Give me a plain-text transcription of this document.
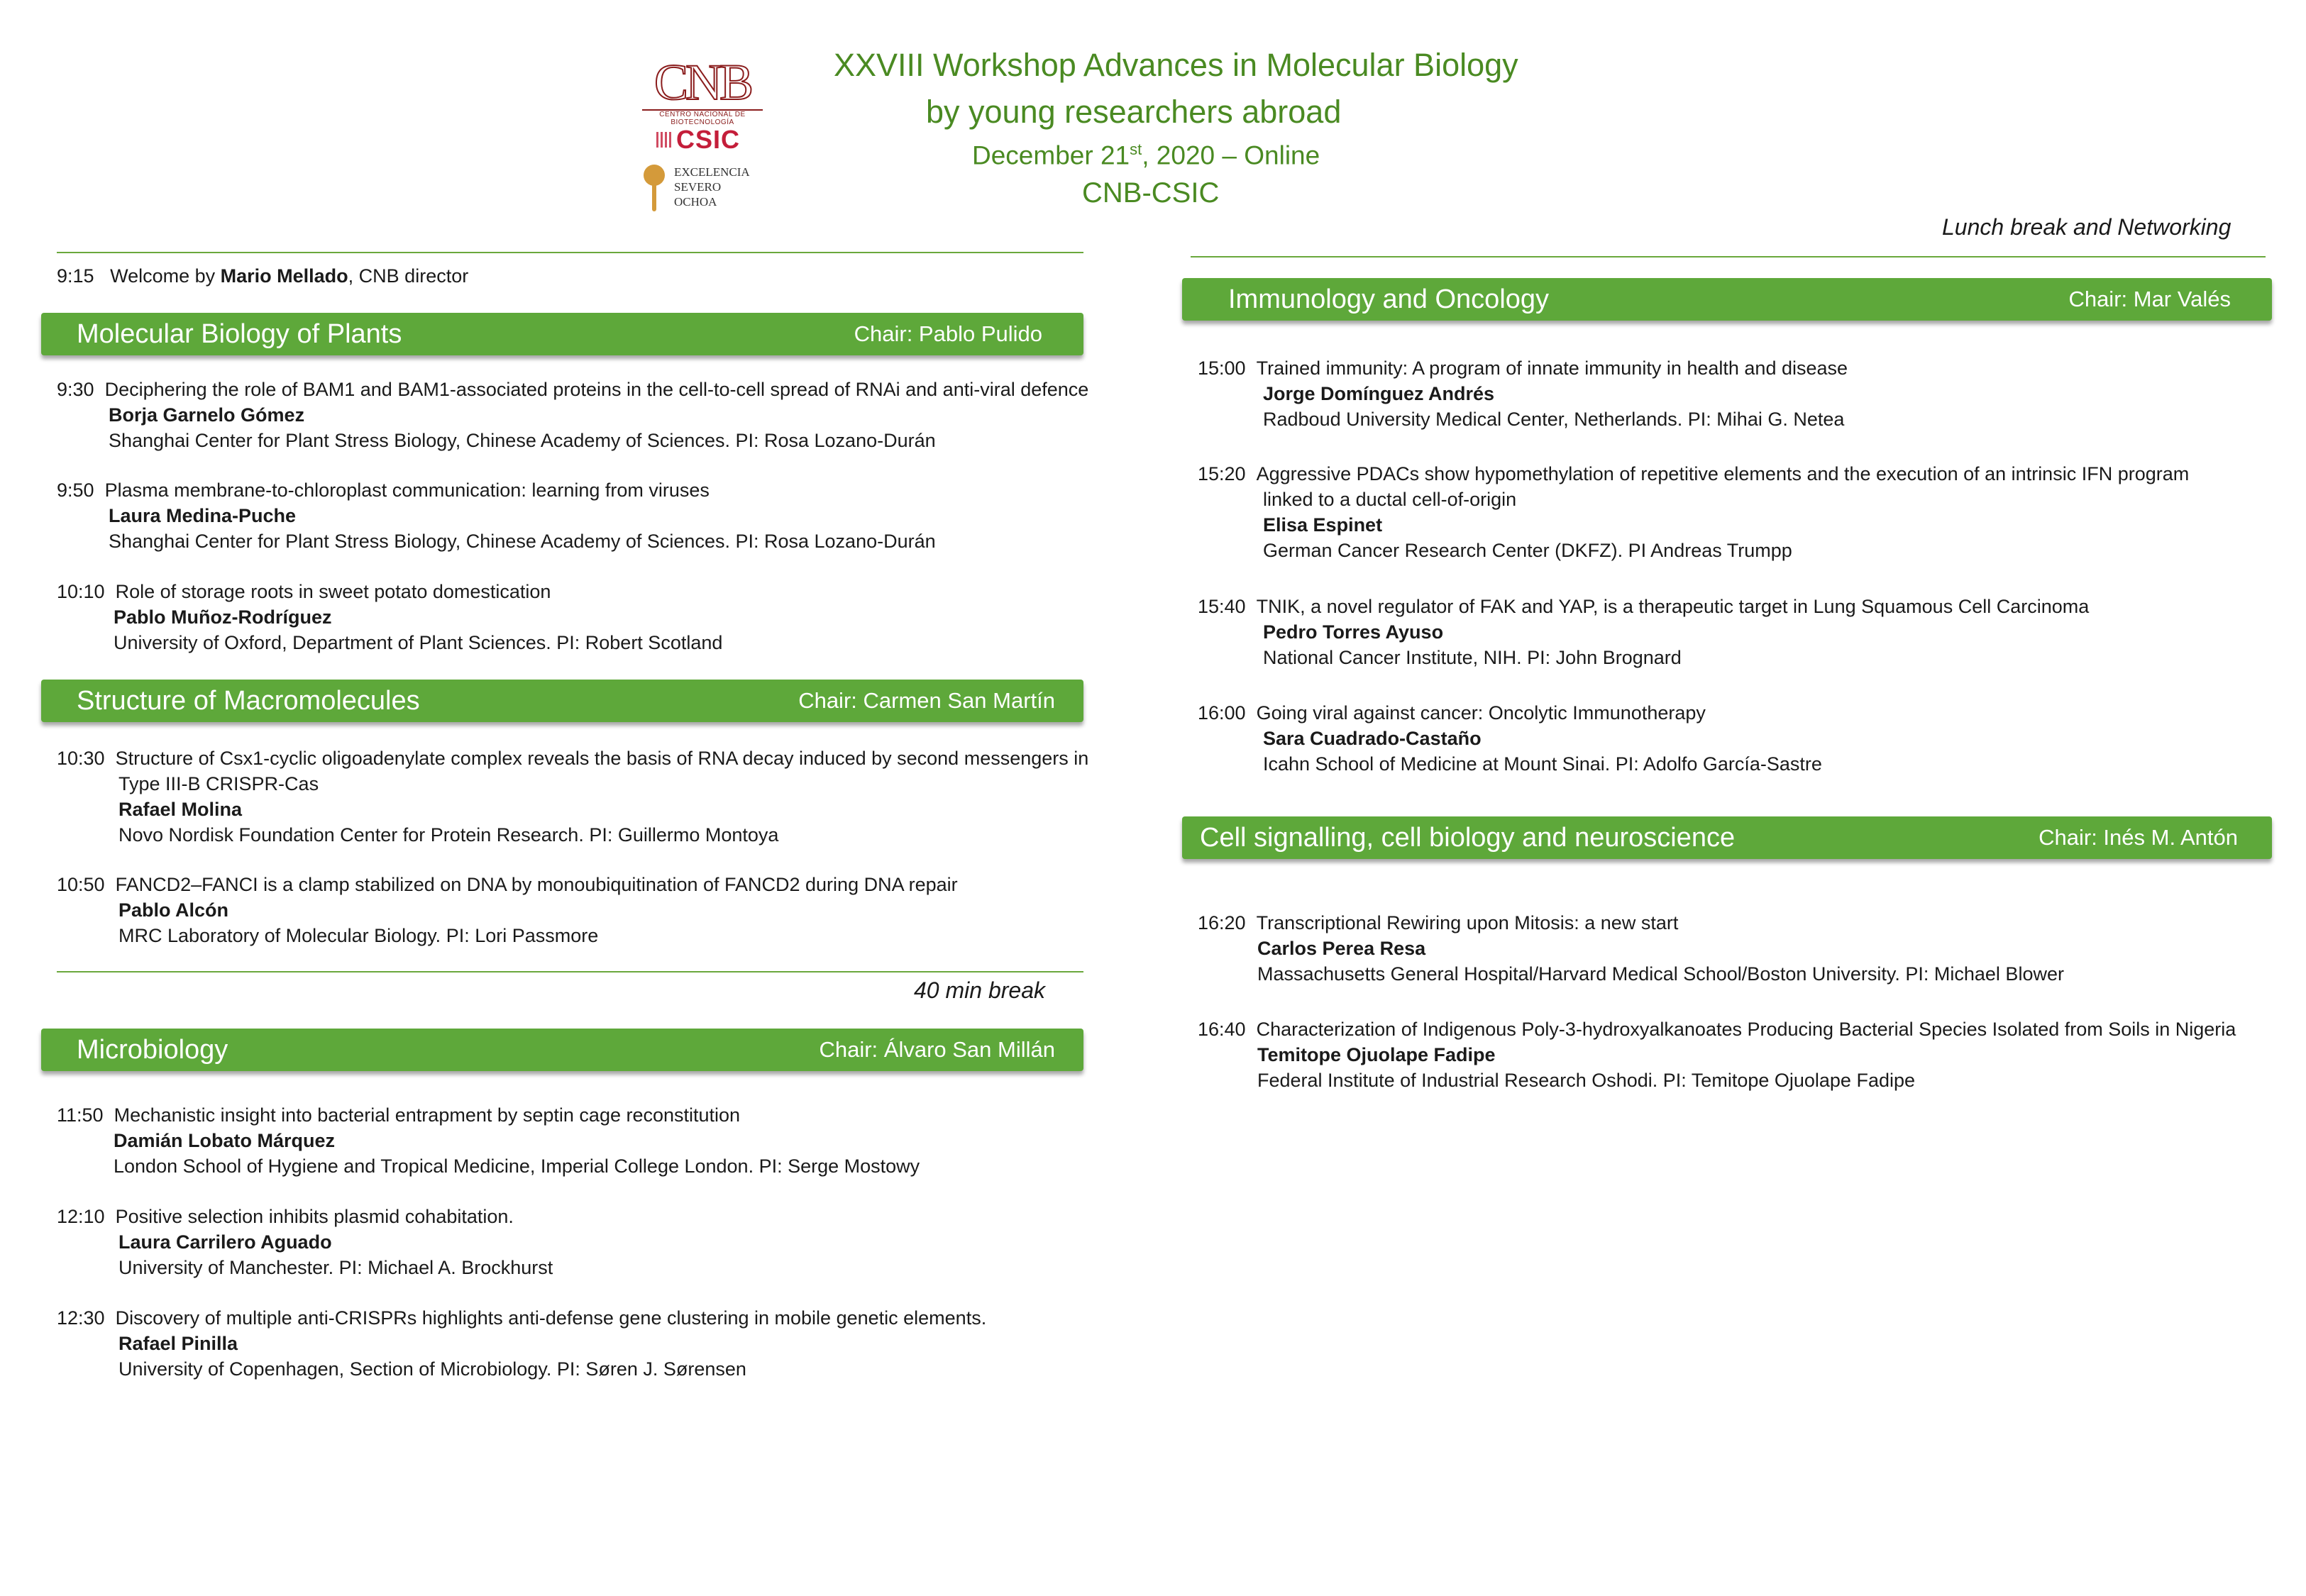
CNB
CENTRO NACIONAL DE BIOTECNOLOGÍA
CSIC
EXCELENCIA
SEVERO
OCHOA
XXVIII Workshop Advances in Molecular Biology
by young researchers abroad
December 21st, 2020 – Online
CNB-CSIC
Lunch break and Networking
9:15 Welcome by Mario Mellado, CNB director
Molecular Biology of Plants	Chair: Pablo Pulido
9:30 Deciphering the role of BAM1 and BAM1-associated proteins in the cell-to-cell spread of RNAi and anti-viral defence
Borja Garnelo Gómez
Shanghai Center for Plant Stress Biology, Chinese Academy of Sciences. PI: Rosa Lozano-Durán
9:50 Plasma membrane-to-chloroplast communication: learning from viruses
Laura Medina-Puche
Shanghai Center for Plant Stress Biology, Chinese Academy of Sciences. PI: Rosa Lozano-Durán
10:10 Role of storage roots in sweet potato domestication
Pablo Muñoz-Rodríguez
University of Oxford, Department of Plant Sciences. PI: Robert Scotland
Structure of Macromolecules	Chair: Carmen San Martín
10:30 Structure of Csx1-cyclic oligoadenylate complex reveals the basis of RNA decay induced by second messengers in
Type III-B CRISPR-Cas
Rafael Molina
Novo Nordisk Foundation Center for Protein Research. PI: Guillermo Montoya
10:50 FANCD2–FANCI is a clamp stabilized on DNA by monoubiquitination of FANCD2 during DNA repair
Pablo Alcón
MRC Laboratory of Molecular Biology. PI: Lori Passmore
40 min break
Microbiology	Chair: Álvaro San Millán
11:50 Mechanistic insight into bacterial entrapment by septin cage reconstitution
Damián Lobato Márquez
London School of Hygiene and Tropical Medicine, Imperial College London. PI: Serge Mostowy
12:10 Positive selection inhibits plasmid cohabitation.
Laura Carrilero Aguado
University of Manchester. PI: Michael A. Brockhurst
12:30 Discovery of multiple anti-CRISPRs highlights anti-defense gene clustering in mobile genetic elements.
Rafael Pinilla
University of Copenhagen, Section of Microbiology. PI: Søren J. Sørensen
Immunology and Oncology	Chair: Mar Valés
15:00 Trained immunity: A program of innate immunity in health and disease
Jorge Domínguez Andrés
Radboud University Medical Center, Netherlands. PI: Mihai G. Netea
15:20 Aggressive PDACs show hypomethylation of repetitive elements and the execution of an intrinsic IFN program
linked to a ductal cell-of-origin
Elisa Espinet
German Cancer Research Center (DKFZ). PI Andreas Trumpp
15:40 TNIK, a novel regulator of FAK and YAP, is a therapeutic target in Lung Squamous Cell Carcinoma
Pedro Torres Ayuso
National Cancer Institute, NIH. PI: John Brognard
16:00 Going viral against cancer: Oncolytic Immunotherapy
Sara Cuadrado-Castaño
Icahn School of Medicine at Mount Sinai. PI: Adolfo García-Sastre
Cell signalling, cell biology and neuroscience	Chair: Inés M. Antón
16:20 Transcriptional Rewiring upon Mitosis: a new start
Carlos Perea Resa
Massachusetts General Hospital/Harvard Medical School/Boston University. PI: Michael Blower
16:40 Characterization of Indigenous Poly-3-hydroxyalkanoates Producing Bacterial Species Isolated from Soils in Nigeria
Temitope Ojuolape Fadipe
Federal Institute of Industrial Research Oshodi. PI: Temitope Ojuolape Fadipe
